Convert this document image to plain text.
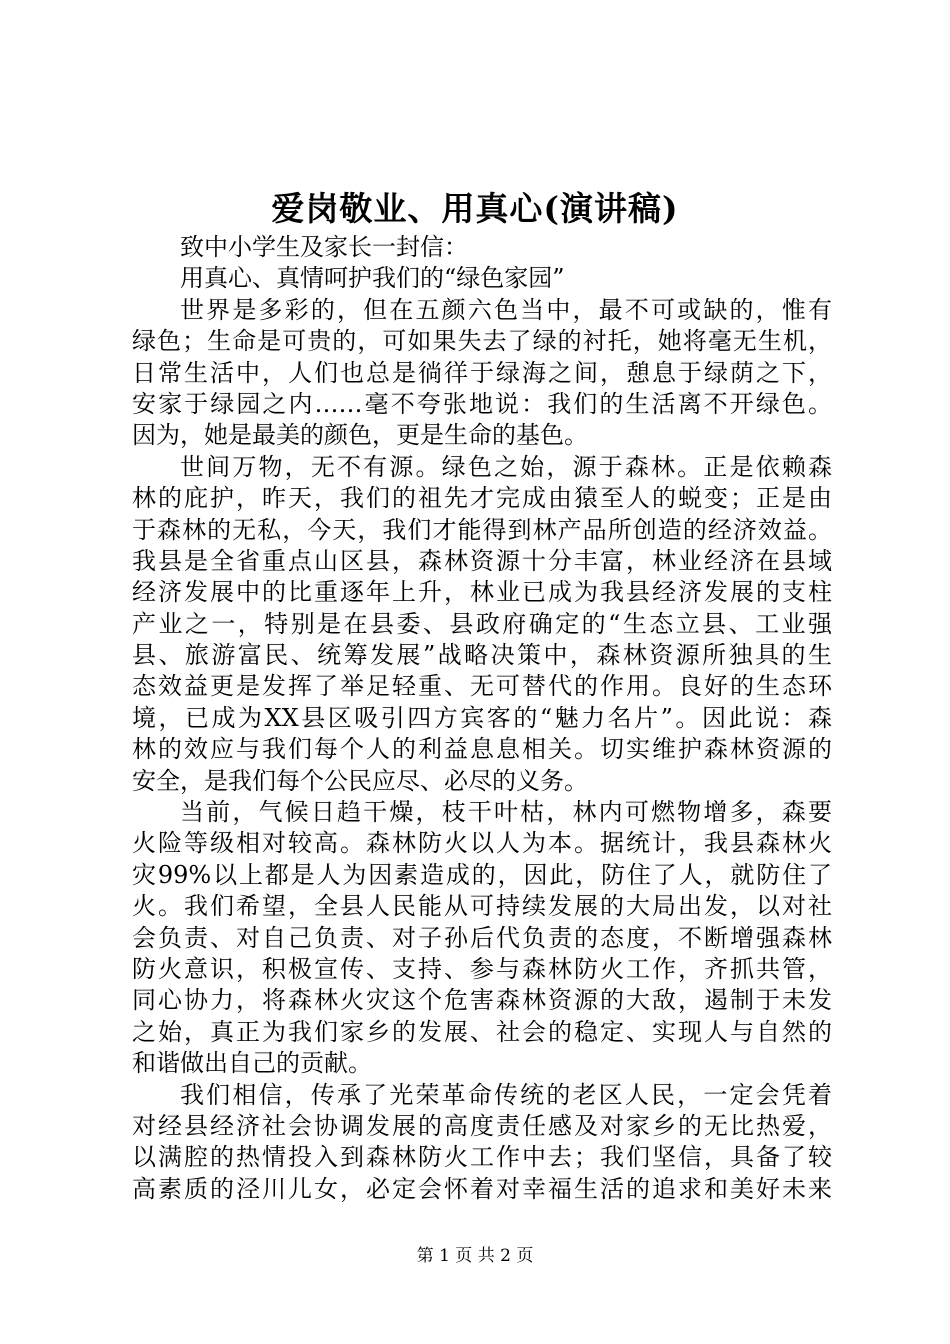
爱岗敬业、用真心(演讲稿)
致中小学生及家长一封信：
用真心、真情呵护我们的“绿色家园”
世界是多彩的，但在五颜六色当中，最不可或缺的，惟有
绿色；生命是可贵的，可如果失去了绿的衬托，她将毫无生机，
日常生活中，人们也总是徜徉于绿海之间，憩息于绿荫之下，
安家于绿园之内……毫不夸张地说：我们的生活离不开绿色。
因为，她是最美的颜色，更是生命的基色。
世间万物，无不有源。绿色之始，源于森林。正是依赖森
林的庇护，昨天，我们的祖先才完成由猿至人的蜕变；正是由
于森林的无私，今天，我们才能得到林产品所创造的经济效益。
我县是全省重点山区县，森林资源十分丰富，林业经济在县域
经济发展中的比重逐年上升，林业已成为我县经济发展的支柱
产业之一，特别是在县委、县政府确定的“生态立县、工业强
县、旅游富民、统筹发展”战略决策中，森林资源所独具的生
态效益更是发挥了举足轻重、无可替代的作用。良好的生态环
境，已成为XX县区吸引四方宾客的“魅力名片”。因此说：森
林的效应与我们每个人的利益息息相关。切实维护森林资源的
安全，是我们每个公民应尽、必尽的义务。
当前，气候日趋干燥，枝干叶枯，林内可燃物增多，森要
火险等级相对较高。森林防火以人为本。据统计，我县森林火
灾99%以上都是人为因素造成的，因此，防住了人，就防住了
火。我们希望，全县人民能从可持续发展的大局出发，以对社
会负责、对自己负责、对子孙后代负责的态度，不断增强森林
防火意识，积极宣传、支持、参与森林防火工作，齐抓共管，
同心协力，将森林火灾这个危害森林资源的大敌，遏制于未发
之始，真正为我们家乡的发展、社会的稳定、实现人与自然的
和谐做出自己的贡献。
我们相信，传承了光荣革命传统的老区人民，一定会凭着
对经县经济社会协调发展的高度责任感及对家乡的无比热爱，
以满腔的热情投入到森林防火工作中去；我们坚信，具备了较
高素质的泾川儿女，必定会怀着对幸福生活的追求和美好未来
第 1 页 共 2 页
